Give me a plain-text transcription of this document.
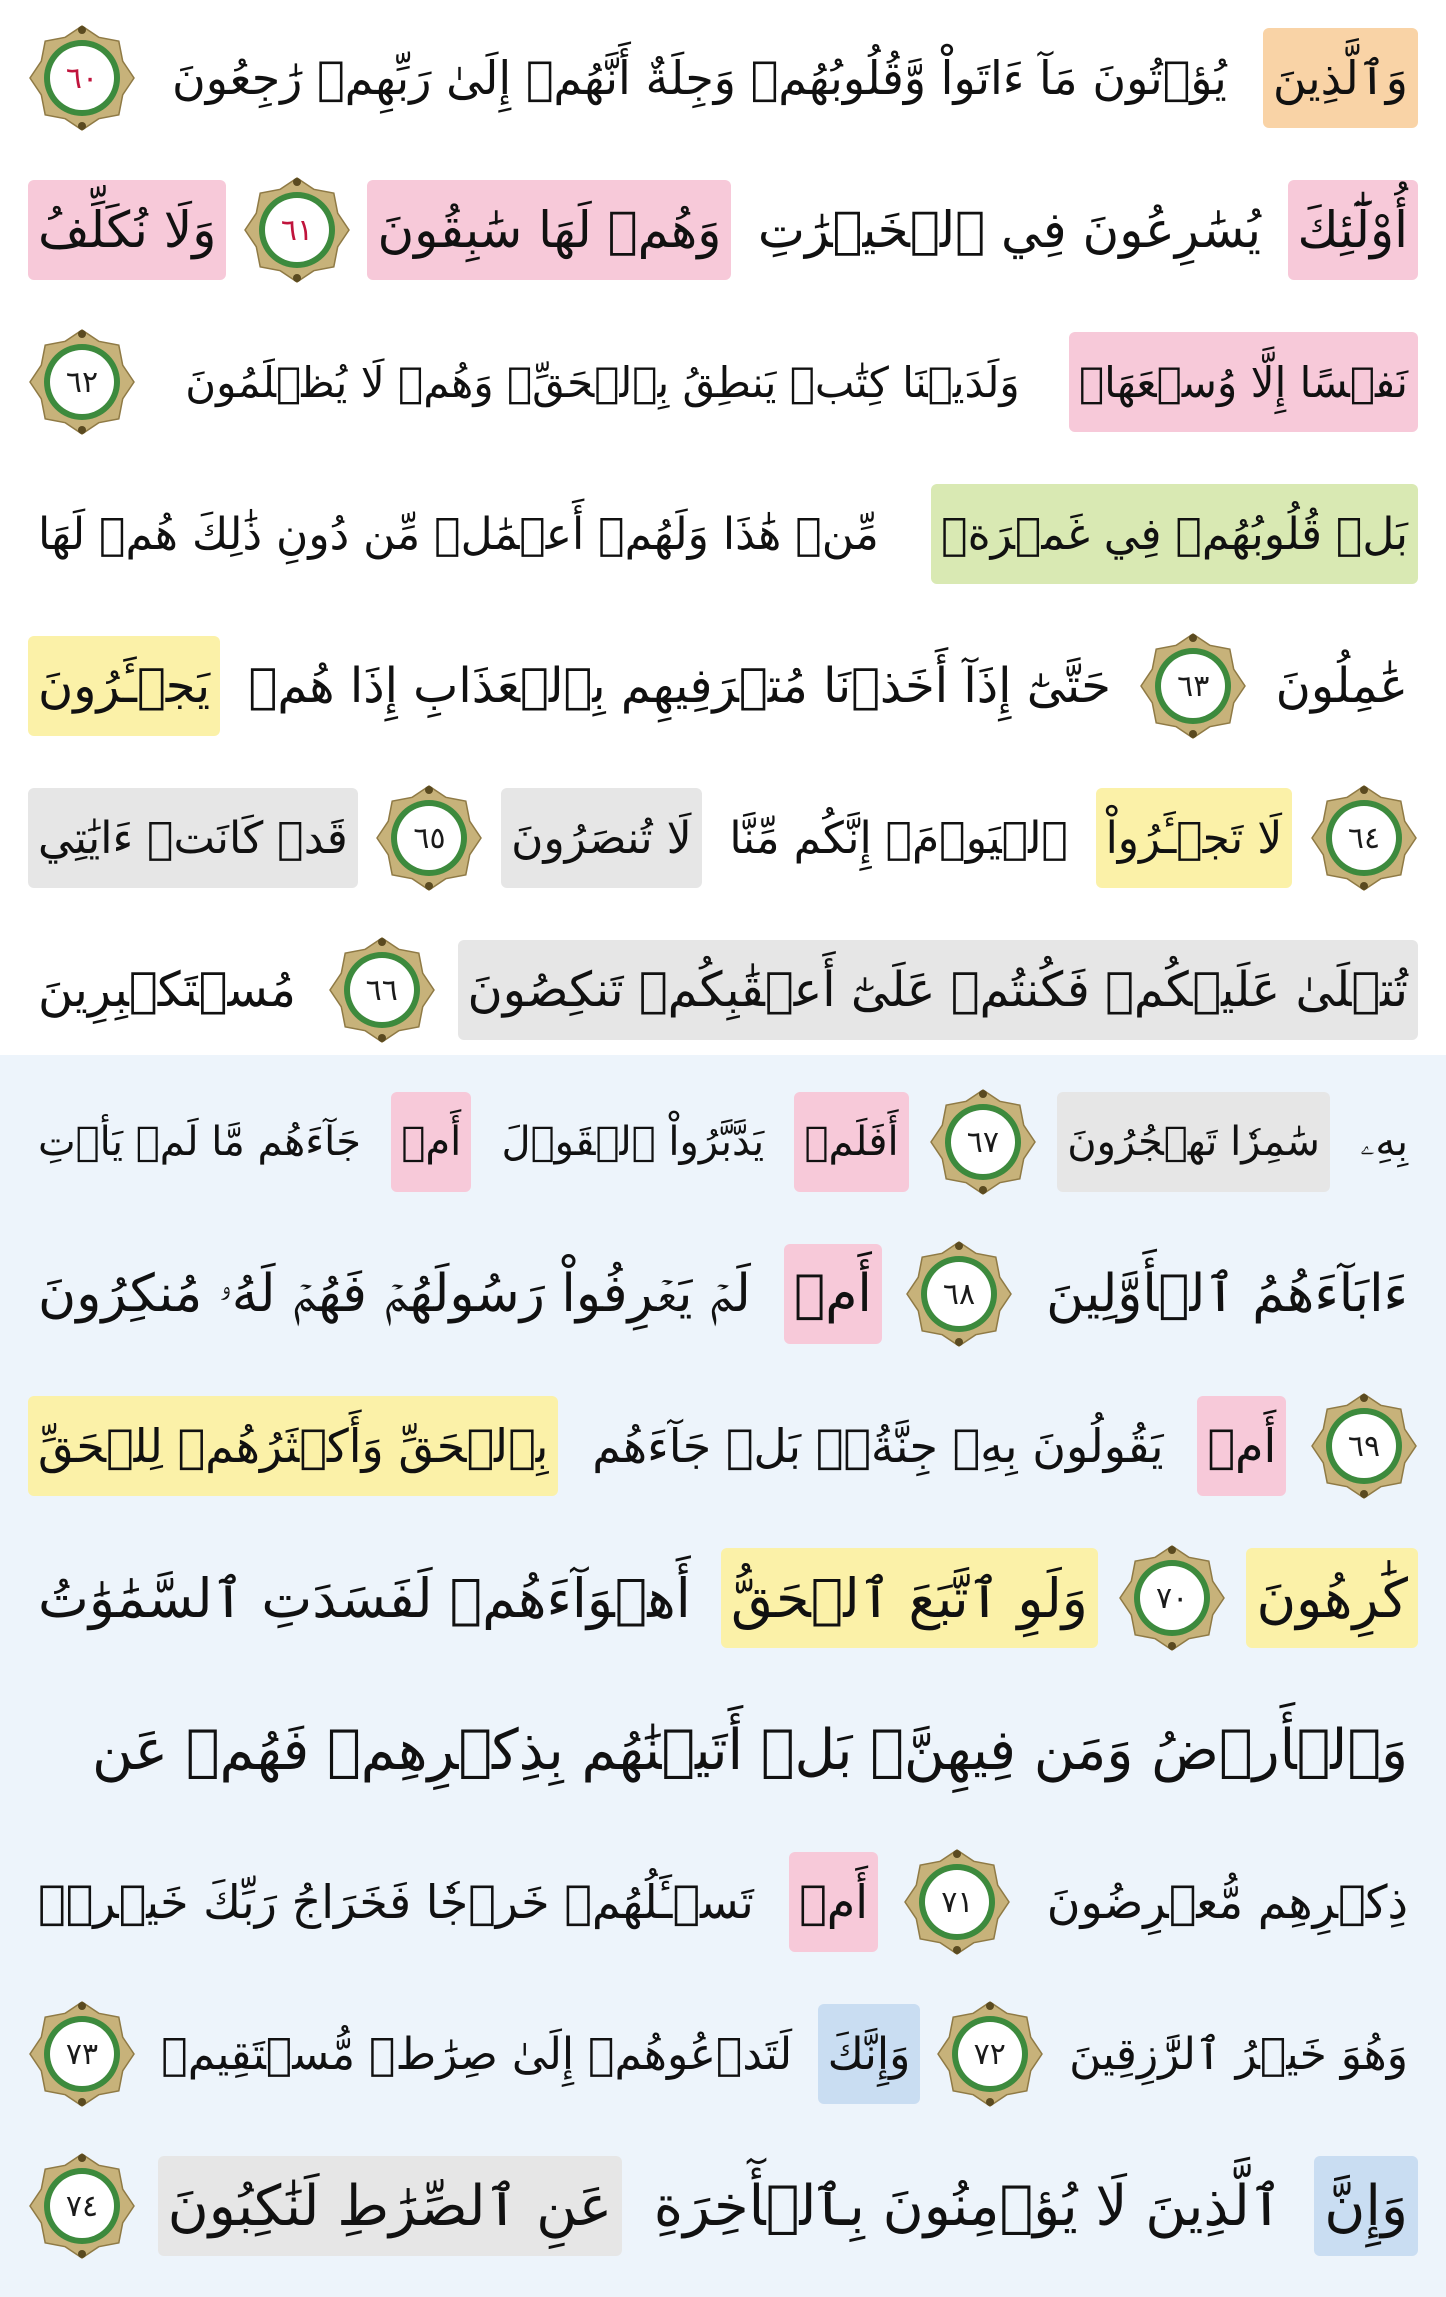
وَٱلَّذِينَ
يُؤۡتُونَ مَآ ءَاتَواْ وَّقُلُوبُهُمۡ وَجِلَةٌ أَنَّهُمۡ إِلَىٰ رَبِّهِمۡ رَٰجِعُونَ
٦٠
أُوْلَٰٓئِكَ
يُسَٰرِعُونَ فِي ٱلۡخَيۡرَٰتِ
وَهُمۡ لَهَا سَٰبِقُونَ
٦١
وَلَا نُكَلِّفُ
نَفۡسًا إِلَّا وُسۡعَهَاۖ
وَلَدَيۡنَا كِتَٰبٞ يَنطِقُ بِٱلۡحَقِّۚ وَهُمۡ لَا يُظۡلَمُونَ
٦٢
بَلۡ قُلُوبُهُمۡ فِي غَمۡرَةٖ
مِّنۡ هَٰذَا وَلَهُمۡ أَعۡمَٰلٞ مِّن دُونِ ذَٰلِكَ هُمۡ لَهَا
عَٰمِلُونَ
٦٣
حَتَّىٰٓ إِذَآ أَخَذۡنَا مُتۡرَفِيهِم بِٱلۡعَذَابِ إِذَا هُمۡ
يَجۡـَٔرُونَ
٦٤
لَا تَجۡـَٔرُواْ
ٱلۡيَوۡمَۖ إِنَّكُم مِّنَّا
لَا تُنصَرُونَ
٦٥
قَدۡ كَانَتۡ ءَايَٰتِي
تُتۡلَىٰ عَلَيۡكُمۡ فَكُنتُمۡ عَلَىٰٓ أَعۡقَٰبِكُمۡ تَنكِصُونَ
٦٦
مُسۡتَكۡبِرِينَ
بِهِۦ
سَٰمِرٗا تَهۡجُرُونَ
٦٧
أَفَلَمۡ
يَدَّبَّرُواْ ٱلۡقَوۡلَ
أَمۡ
جَآءَهُم مَّا لَمۡ يَأۡتِ
ءَابَآءَهُمُ ٱلۡأَوَّلِينَ
٦٨
أَمۡ
لَمۡ يَعۡرِفُواْ رَسُولَهُمۡ فَهُمۡ لَهُۥ مُنكِرُونَ
٦٩
أَمۡ
يَقُولُونَ بِهِۦ جِنَّةُۢۚ بَلۡ جَآءَهُم
بِٱلۡحَقِّ وَأَكۡثَرُهُمۡ لِلۡحَقِّ
كَٰرِهُونَ
٧٠
وَلَوِ ٱتَّبَعَ ٱلۡحَقُّ
أَهۡوَآءَهُمۡ لَفَسَدَتِ ٱلسَّمَٰوَٰتُ
وَٱلۡأَرۡضُ وَمَن فِيهِنَّۚ بَلۡ أَتَيۡنَٰهُم بِذِكۡرِهِمۡ فَهُمۡ عَن
ذِكۡرِهِم مُّعۡرِضُونَ
٧١
أَمۡ
تَسۡـَٔلُهُمۡ خَرۡجٗا فَخَرَاجُ رَبِّكَ خَيۡرٞۖ
وَهُوَ خَيۡرُ ٱلرَّٰزِقِينَ
٧٢
وَإِنَّكَ
لَتَدۡعُوهُمۡ إِلَىٰ صِرَٰطٖ مُّسۡتَقِيمٖ
٧٣
وَإِنَّ
ٱلَّذِينَ لَا يُؤۡمِنُونَ بِٱلۡأٓخِرَةِ
عَنِ ٱلصِّرَٰطِ لَنَٰكِبُونَ
٧٤
